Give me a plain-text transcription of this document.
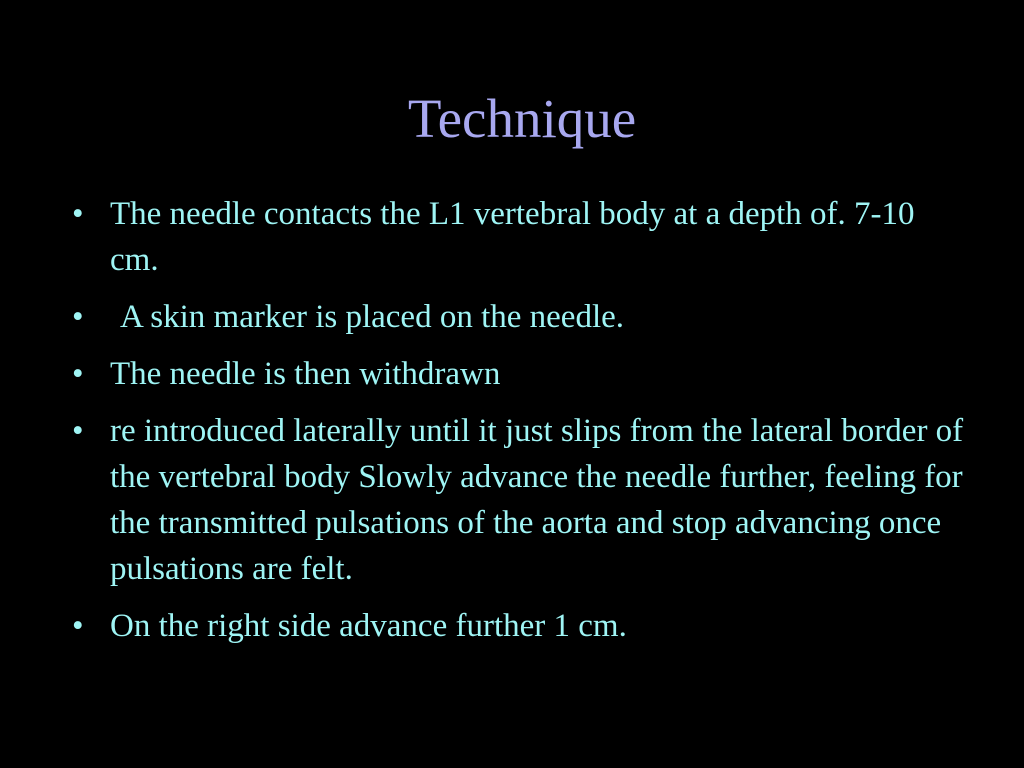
Technique
• The needle contacts the L1 vertebral body at a depth of. 7-10 cm.
•	A skin marker is placed on the needle.
• The needle is then withdrawn
• re introduced laterally until it just slips from the lateral border of the vertebral body Slowly advance the needle further, feeling for the transmitted pulsations of the aorta and stop advancing once pulsations are felt.
• On the right side advance further 1 cm.
